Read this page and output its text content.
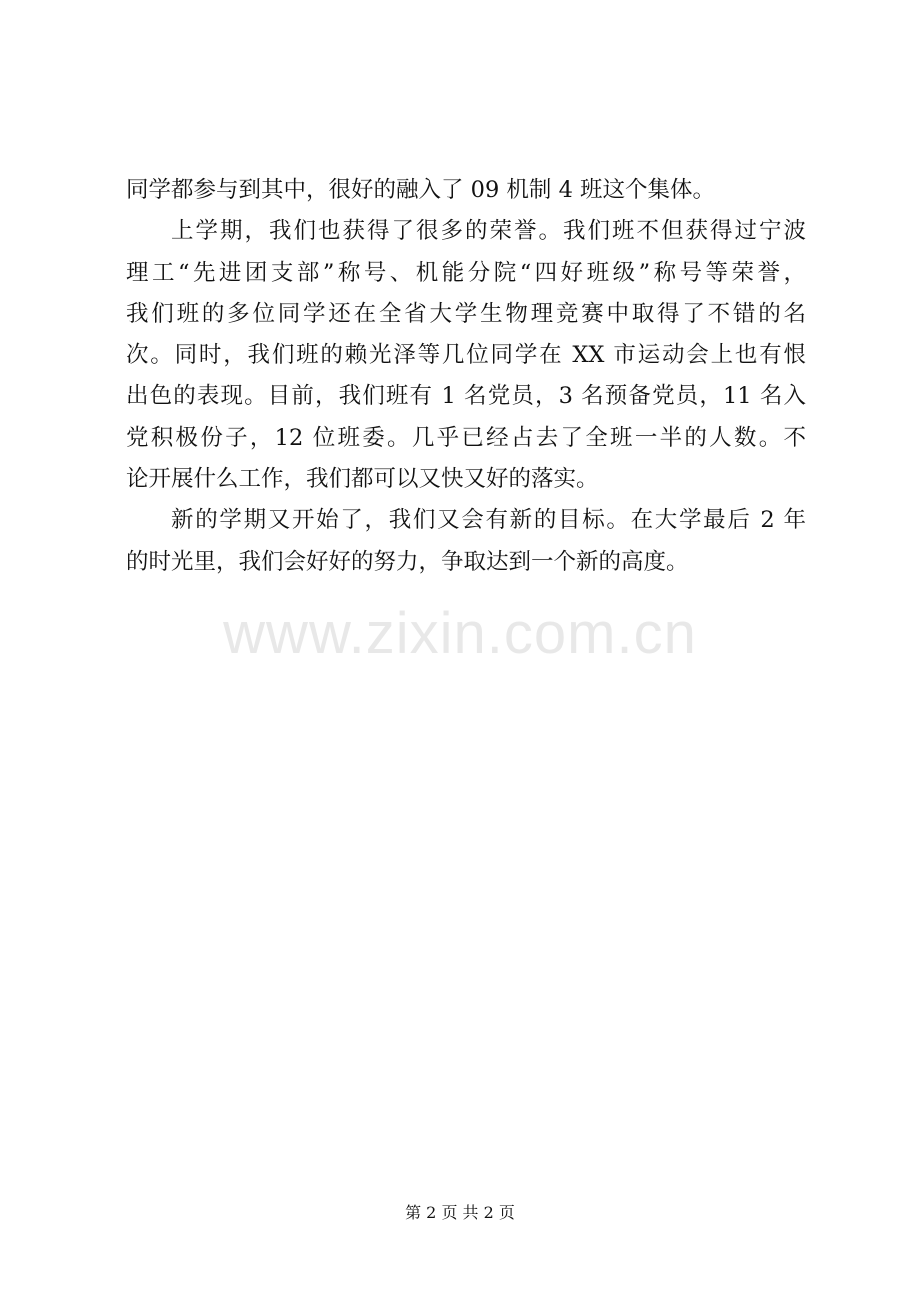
同学都参与到其中，很好的融入了 09 机制 4 班这个集体。
上学期，我们也获得了很多的荣誉。我们班不但获得过宁波
理工“先进团支部”称号、机能分院“四好班级”称号等荣誉，
我们班的多位同学还在全省大学生物理竞赛中取得了不错的名
次。同时，我们班的赖光泽等几位同学在 XX 市运动会上也有恨
出色的表现。目前，我们班有 1 名党员，3 名预备党员，11 名入
党积极份子，12 位班委。几乎已经占去了全班一半的人数。不
论开展什么工作，我们都可以又快又好的落实。
新的学期又开始了，我们又会有新的目标。在大学最后 2 年
的时光里，我们会好好的努力，争取达到一个新的高度。
www.zixin.com.cn
第 2 页 共 2 页
